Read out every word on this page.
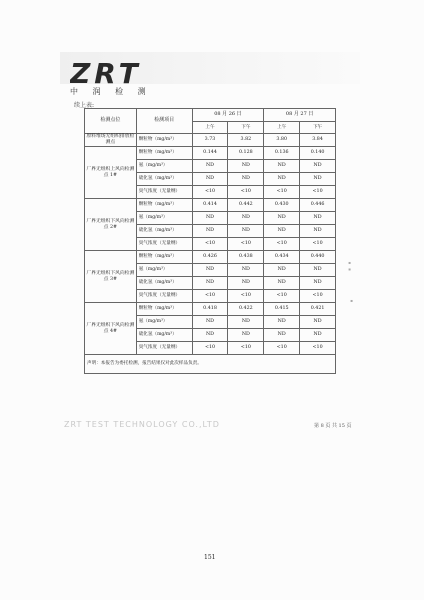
ZRT
中 润 检 测
续上表:
检测点位	检测项目	08 月 26 日		08 月 27 日	
		上午	下午	上午	下午
原料堆场无组织排放检测点	颗粒物（mg/m³）	3.73	3.82	3.80	3.84
厂界无组织上风向检测点 1#	颗粒物（mg/m³）	0.144	0.128	0.136	0.140
	氨（mg/m³）	ND	ND	ND	ND
	硫化氢（mg/m³）	ND	ND	ND	ND
	臭气浓度（无量纲）	<10	<10	<10	<10
厂界无组织下风向检测点 2#	颗粒物（mg/m³）	0.414	0.442	0.430	0.446
	氨（mg/m³）	ND	ND	ND	ND
	硫化氢（mg/m³）	ND	ND	ND	ND
	臭气浓度（无量纲）	<10	<10	<10	<10
厂界无组织下风向检测点 3#	颗粒物（mg/m³）	0.426	0.438	0.434	0.440
	氨（mg/m³）	ND	ND	ND	ND
	硫化氢（mg/m³）	ND	ND	ND	ND
	臭气浓度（无量纲）	<10	<10	<10	<10
厂界无组织下风向检测点 4#	颗粒物（mg/m³）	0.418	0.422	0.415	0.421
	氨（mg/m³）	ND	ND	ND	ND
	硫化氢（mg/m³）	ND	ND	ND	ND
	臭气浓度（无量纲）	<10	<10	<10	<10
声明：本报告为委托检测，报告结果仅对此次样品负责。					
▪ ▪
▪
ZRT TEST TECHNOLOGY CO.,LTD	第 8 页 共 15 页
151
